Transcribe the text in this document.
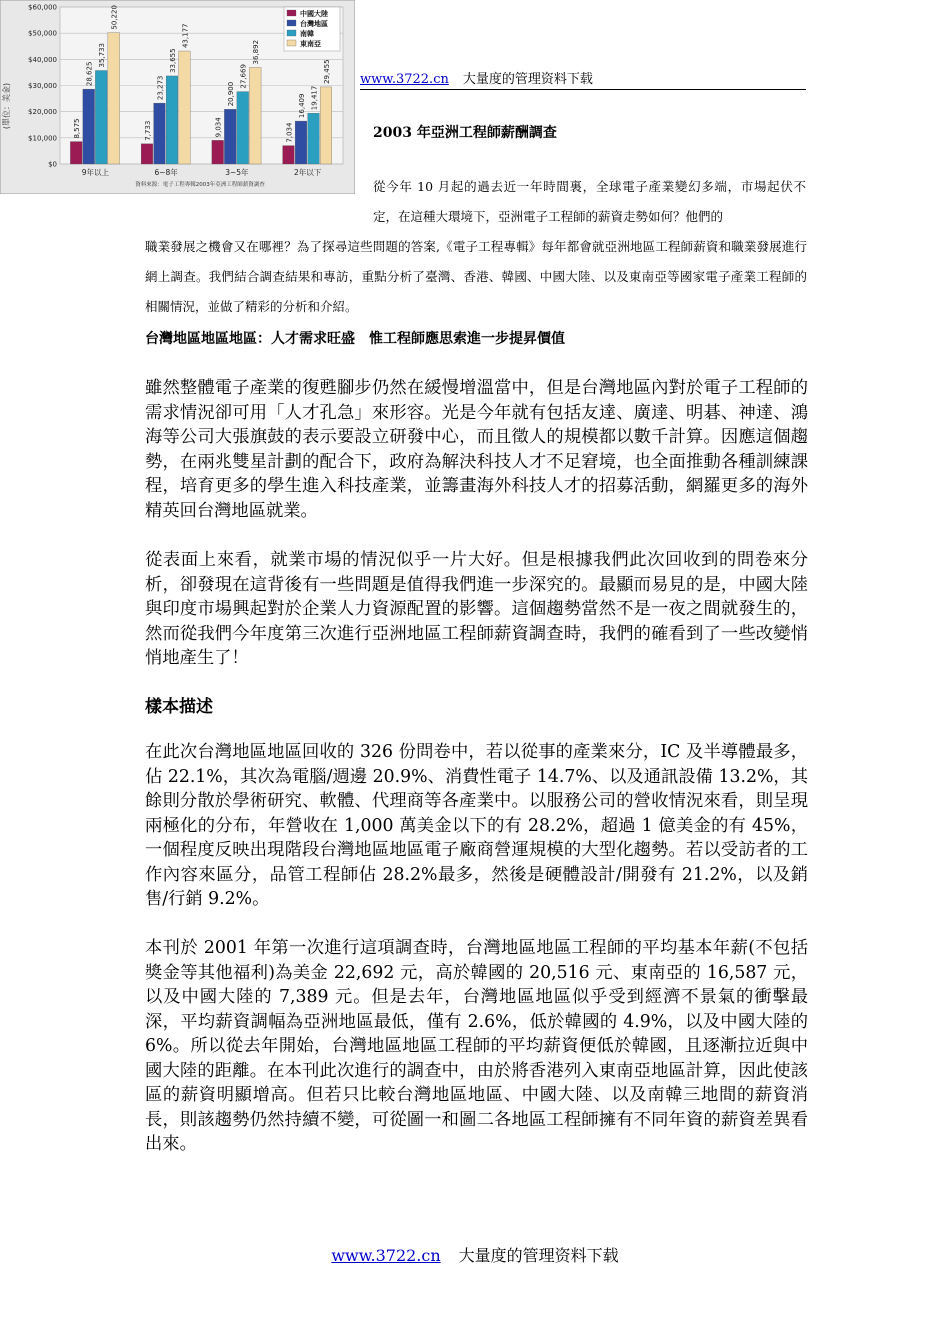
www.3722.cn 大量度的管理资料下载
8,575
28,625
35,733
50,220
7,733
23,273
33,655
43,177
9,034
20,900
27,669
36,892
7,034
16,409 19,417
29,455
$0
$10,000
$20,000
$30,000
$40,000
$50,000
$60,000
9年以上	6~8年	3~5年	2年以下
中國大陸
台灣地區
南韓
東南亞
(單位：美金)
資料來源：電子工程專輯2003年亞洲工程師薪資調查
2003 年亞洲工程師薪酬調查
從今年 10 月起的過去近一年時間裏，全球電子產業變幻多端，市場起伏不定，在這種大環境下，亞洲電子工程師的薪資走勢如何？他們的
職業發展之機會又在哪裡？為了探尋這些問題的答案,《電子工程專輯》每年都會就亞洲地區工程師薪資和職業發展進行網上調查。我們結合調查結果和專訪，重點分析了臺灣、香港、韓國、中國大陸、以及東南亞等國家電子產業工程師的相關情況，並做了精彩的分析和介紹。
台灣地區地區地區：人才需求旺盛　惟工程師應思索進一步提昇價值
雖然整體電子產業的復甦腳步仍然在緩慢增溫當中，但是台灣地區內對於電子工程師的需求情況卻可用「人才孔急」來形容。光是今年就有包括友達、廣達、明碁、神達、鴻海等公司大張旗鼓的表示要設立研發中心，而且徵人的規模都以數千計算。因應這個趨勢，在兩兆雙星計劃的配合下，政府為解決科技人才不足窘境，也全面推動各種訓練課程，培育更多的學生進入科技產業，並籌畫海外科技人才的招募活動，網羅更多的海外精英回台灣地區就業。
從表面上來看，就業市場的情況似乎一片大好。但是根據我們此次回收到的問卷來分析，卻發現在這背後有一些問題是值得我們進一步深究的。最顯而易見的是，中國大陸與印度市場興起對於企業人力資源配置的影響。這個趨勢當然不是一夜之間就發生的，然而從我們今年度第三次進行亞洲地區工程師薪資調查時，我們的確看到了一些改變悄悄地產生了！
樣本描述
在此次台灣地區地區回收的 326 份問卷中，若以從事的產業來分，IC 及半導體最多，佔 22.1%，其次為電腦/週邊 20.9%、消費性電子 14.7%、以及通訊設備 13.2%，其餘則分散於學術研究、軟體、代理商等各產業中。以服務公司的營收情況來看，則呈現兩極化的分布，年營收在 1,000 萬美金以下的有 28.2%，超過 1 億美金的有 45%，一個程度反映出現階段台灣地區地區電子廠商營運規模的大型化趨勢。若以受訪者的工作內容來區分，品管工程師佔 28.2%最多，然後是硬體設計/開發有 21.2%，以及銷售/行銷 9.2%。
本刊於 2001 年第一次進行這項調查時，台灣地區地區工程師的平均基本年薪(不包括獎金等其他福利)為美金 22,692 元，高於韓國的 20,516 元、東南亞的 16,587 元，以及中國大陸的 7,389 元。但是去年，台灣地區地區似乎受到經濟不景氣的衝擊最深，平均薪資調幅為亞洲地區最低，僅有 2.6%，低於韓國的 4.9%，以及中國大陸的 6%。所以從去年開始，台灣地區地區工程師的平均薪資便低於韓國，且逐漸拉近與中國大陸的距離。在本刊此次進行的調查中，由於將香港列入東南亞地區計算，因此使該區的薪資明顯增高。但若只比較台灣地區地區、中國大陸、以及南韓三地間的薪資消長，則該趨勢仍然持續不變，可從圖一和圖二各地區工程師擁有不同年資的薪資差異看出來。
www.3722.cn 大量度的管理资料下载
